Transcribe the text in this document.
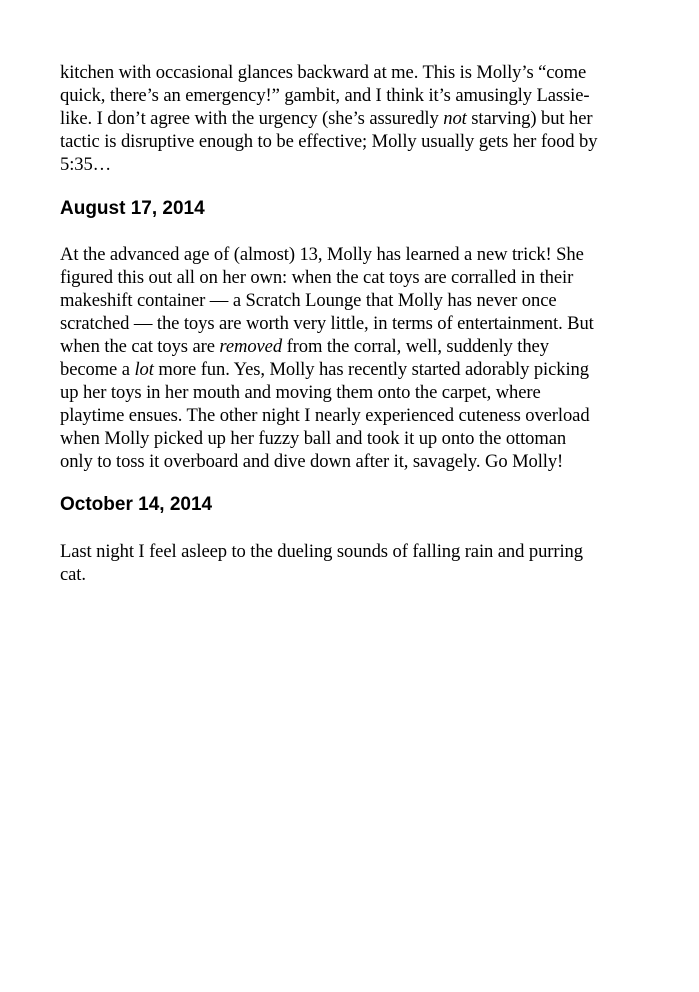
kitchen with occasional glances backward at me. This is Molly’s “come quick, there’s an emergency!” gambit, and I think it’s amusingly Lassie-like. I don’t agree with the urgency (she’s assuredly not starving) but her tactic is disruptive enough to be effective; Molly usually gets her food by 5:35…

August 17, 2014

At the advanced age of (almost) 13, Molly has learned a new trick! She figured this out all on her own: when the cat toys are corralled in their makeshift container — a Scratch Lounge that Molly has never once scratched — the toys are worth very little, in terms of entertainment. But when the cat toys are removed from the corral, well, suddenly they become a lot more fun. Yes, Molly has recently started adorably picking up her toys in her mouth and moving them onto the carpet, where playtime ensues. The other night I nearly experienced cuteness overload when Molly picked up her fuzzy ball and took it up onto the ottoman only to toss it overboard and dive down after it, savagely. Go Molly!

October 14, 2014

Last night I feel asleep to the dueling sounds of falling rain and purring cat.
